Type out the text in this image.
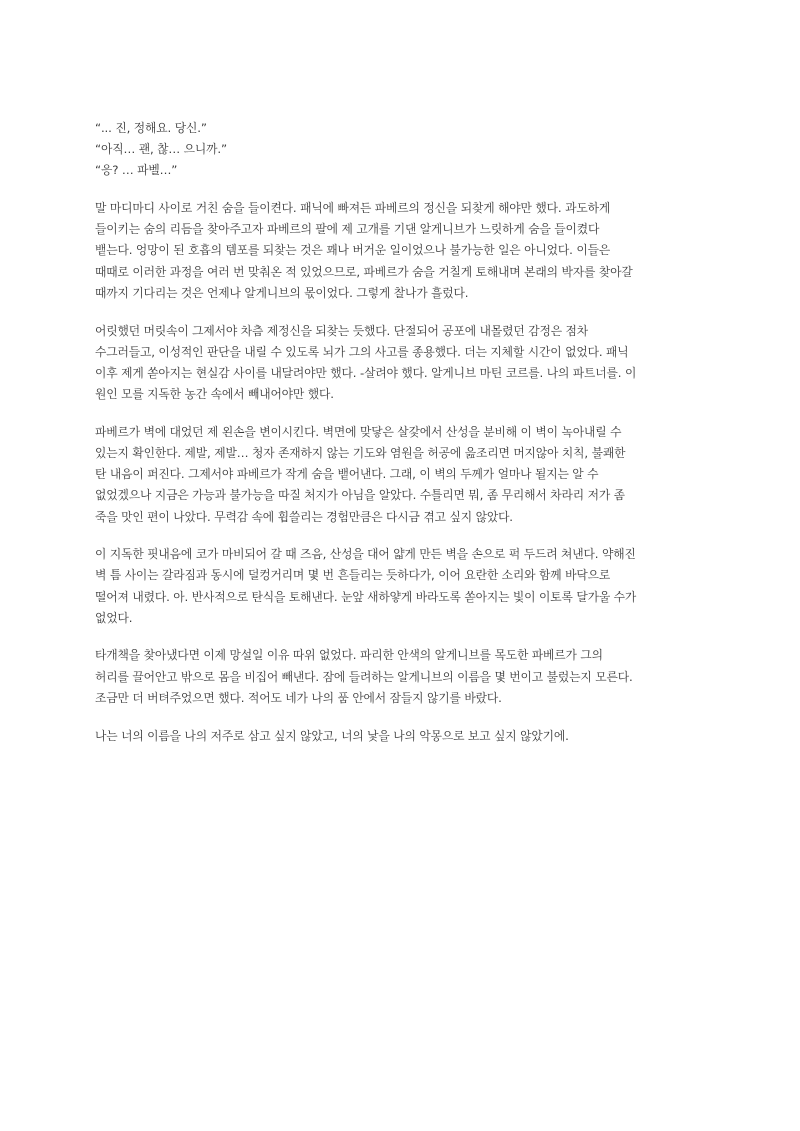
“... 진, 정해요. 당신.”
“아직… 괜, 찮… 으니까.”
“응? … 파벨…”
말 마디마디 사이로 거친 숨을 들이켠다. 패닉에 빠져든 파베르의 정신을 되찾게 해야만 했다. 과도하게
들이키는 숨의 리듬을 찾아주고자 파베르의 팔에 제 고개를 기댄 알게니브가 느릿하게 숨을 들이켰다
뱉는다. 엉망이 된 호흡의 템포를 되찾는 것은 꽤나 버거운 일이었으나 불가능한 일은 아니었다. 이들은
때때로 이러한 과정을 여러 번 맞춰온 적 있었으므로, 파베르가 숨을 거칠게 토해내며 본래의 박자를 찾아갈
때까지 기다리는 것은 언제나 알게니브의 몫이었다. 그렇게 찰나가 흘렀다.
어릿했던 머릿속이 그제서야 차츰 제정신을 되찾는 듯했다. 단절되어 공포에 내몰렸던 감정은 점차
수그러들고, 이성적인 판단을 내릴 수 있도록 뇌가 그의 사고를 종용했다. 더는 지체할 시간이 없었다. 패닉
이후 제게 쏟아지는 현실감 사이를 내달려야만 했다. -살려야 했다. 알게니브 마틴 코르를. 나의 파트너를. 이
원인 모를 지독한 농간 속에서 빼내어야만 했다.
파베르가 벽에 대었던 제 왼손을 변이시킨다. 벽면에 맞닿은 살갗에서 산성을 분비해 이 벽이 녹아내릴 수
있는지 확인한다. 제발, 제발… 청자 존재하지 않는 기도와 염원을 허공에 읊조리면 머지않아 치칙, 불쾌한
탄 내음이 퍼진다. 그제서야 파베르가 작게 숨을 뱉어낸다. 그래, 이 벽의 두께가 얼마나 될지는 알 수
없었겠으나 지금은 가능과 불가능을 따질 처지가 아님을 알았다. 수틀리면 뭐, 좀 무리해서 차라리 저가 좀
죽을 맛인 편이 나았다. 무력감 속에 휩쓸리는 경험만큼은 다시금 겪고 싶지 않았다.
이 지독한 핏내음에 코가 마비되어 갈 때 즈음, 산성을 대어 얇게 만든 벽을 손으로 퍽 두드려 쳐낸다. 약해진
벽 틈 사이는 갈라짐과 동시에 덜컹거리며 몇 번 흔들리는 듯하다가, 이어 요란한 소리와 함께 바닥으로
떨어져 내렸다. 아. 반사적으로 탄식을 토해낸다. 눈앞 새하얗게 바라도록 쏟아지는 빛이 이토록 달가울 수가
없었다.
타개책을 찾아냈다면 이제 망설일 이유 따위 없었다. 파리한 안색의 알게니브를 목도한 파베르가 그의
허리를 끌어안고 밖으로 몸을 비집어 빼낸다. 잠에 들려하는 알게니브의 이름을 몇 번이고 불렀는지 모른다.
조금만 더 버텨주었으면 했다. 적어도 네가 나의 품 안에서 잠들지 않기를 바랐다.
나는 너의 이름을 나의 저주로 삼고 싶지 않았고, 너의 낯을 나의 악몽으로 보고 싶지 않았기에.
